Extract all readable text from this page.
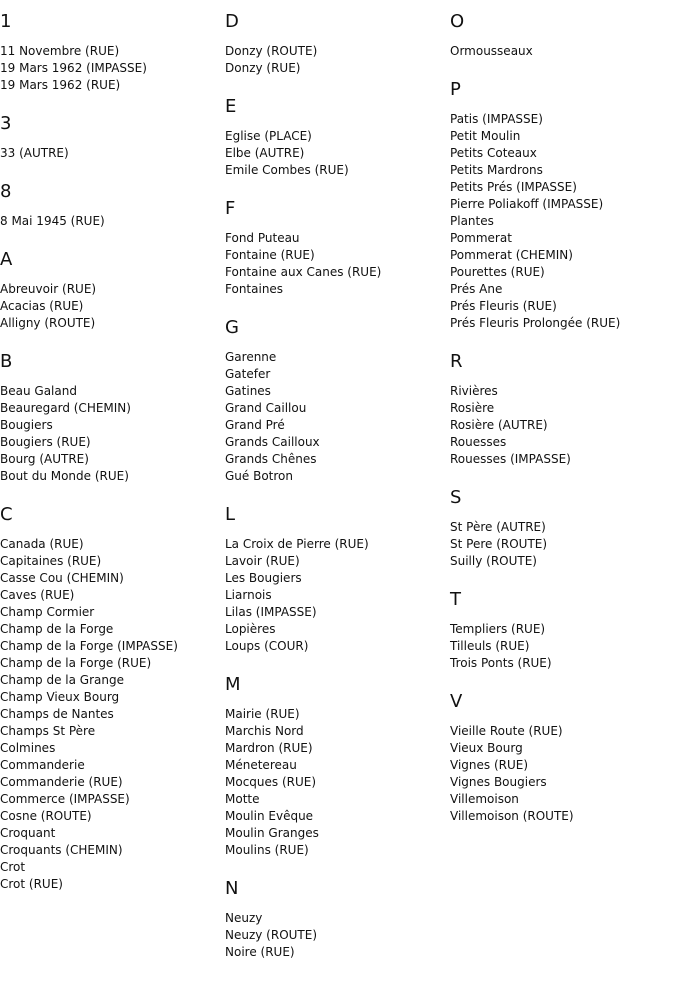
1
11 Novembre (RUE)
19 Mars 1962 (IMPASSE)
19 Mars 1962 (RUE)
3
33 (AUTRE)
8
8 Mai 1945 (RUE)
A
Abreuvoir (RUE)
Acacias (RUE)
Alligny (ROUTE)
B
Beau Galand
Beauregard (CHEMIN)
Bougiers
Bougiers (RUE)
Bourg (AUTRE)
Bout du Monde (RUE)
C
Canada (RUE)
Capitaines (RUE)
Casse Cou (CHEMIN)
Caves (RUE)
Champ Cormier
Champ de la Forge
Champ de la Forge (IMPASSE)
Champ de la Forge (RUE)
Champ de la Grange
Champ Vieux Bourg
Champs de Nantes
Champs St Père
Colmines
Commanderie
Commanderie (RUE)
Commerce (IMPASSE)
Cosne (ROUTE)
Croquant
Croquants (CHEMIN)
Crot
Crot (RUE)
D
Donzy (ROUTE)
Donzy (RUE)
E
Eglise (PLACE)
Elbe (AUTRE)
Emile Combes (RUE)
F
Fond Puteau
Fontaine (RUE)
Fontaine aux Canes (RUE)
Fontaines
G
Garenne
Gatefer
Gatines
Grand Caillou
Grand Pré
Grands Cailloux
Grands Chênes
Gué Botron
L
La Croix de Pierre (RUE)
Lavoir (RUE)
Les Bougiers
Liarnois
Lilas (IMPASSE)
Lopières
Loups (COUR)
M
Mairie (RUE)
Marchis Nord
Mardron (RUE)
Ménetereau
Mocques (RUE)
Motte
Moulin Evêque
Moulin Granges
Moulins (RUE)
N
Neuzy
Neuzy (ROUTE)
Noire (RUE)
O
Ormousseaux
P
Patis (IMPASSE)
Petit Moulin
Petits Coteaux
Petits Mardrons
Petits Prés (IMPASSE)
Pierre Poliakoff (IMPASSE)
Plantes
Pommerat
Pommerat (CHEMIN)
Pourettes (RUE)
Prés Ane
Prés Fleuris (RUE)
Prés Fleuris Prolongée (RUE)
R
Rivières
Rosière
Rosière (AUTRE)
Rouesses
Rouesses (IMPASSE)
S
St Père (AUTRE)
St Pere (ROUTE)
Suilly (ROUTE)
T
Templiers (RUE)
Tilleuls (RUE)
Trois Ponts (RUE)
V
Vieille Route (RUE)
Vieux Bourg
Vignes (RUE)
Vignes Bougiers
Villemoison
Villemoison (ROUTE)
